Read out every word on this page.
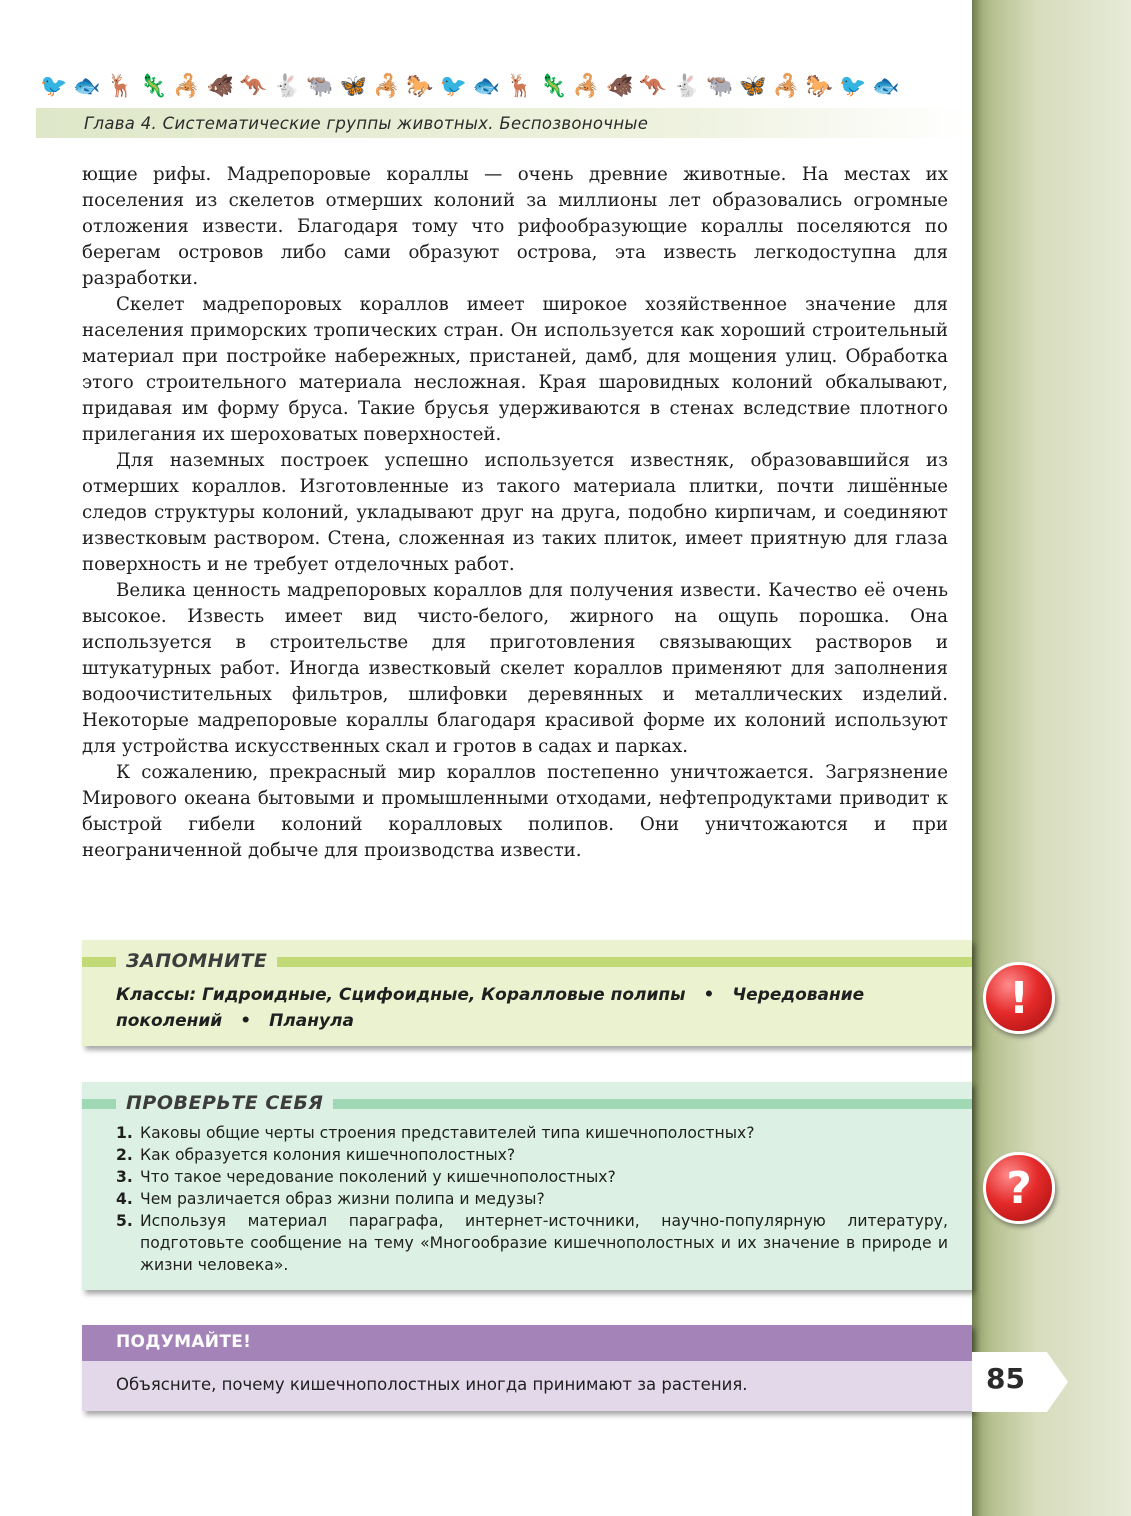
🐦 🐟 🦌 🦎 🦂 🐗 🦘 🐇 🐃 🦋 🦂 🐎 🐦 🐟 🦌 🦎 🦂 🐗 🦘 🐇 🐃 🦋 🦂 🐎 🐦 🐟
Глава 4. Систематические группы животных. Беспозвоночные

ющие рифы. Мадрепоровые кораллы — очень древние животные. На местах их поселения из скелетов отмерших колоний за миллионы лет образовались огромные отложения извести. Благодаря тому что рифообразующие кораллы поселяются по берегам островов либо сами образуют острова, эта известь легкодоступна для разработки.

Скелет мадрепоровых кораллов имеет широкое хозяйственное значение для населения приморских тропических стран. Он используется как хороший строительный материал при постройке набережных, пристаней, дамб, для мощения улиц. Обработка этого строительного материала несложная. Края шаровидных колоний обкалывают, придавая им форму бруса. Такие брусья удерживаются в стенах вследствие плотного прилегания их шероховатых поверхностей.

Для наземных построек успешно используется известняк, образовавшийся из отмерших кораллов. Изготовленные из такого материала плитки, почти лишённые следов структуры колоний, укладывают друг на друга, подобно кирпичам, и соединяют известковым раствором. Стена, сложенная из таких плиток, имеет приятную для глаза поверхность и не требует отделочных работ.

Велика ценность мадрепоровых кораллов для получения извести. Качество её очень высокое. Известь имеет вид чисто-белого, жирного на ощупь порошка. Она используется в строительстве для приготовления связывающих растворов и штукатурных работ. Иногда известковый скелет кораллов применяют для заполнения водоочистительных фильтров, шлифовки деревянных и металлических изделий. Некоторые мадрепоровые кораллы благодаря красивой форме их колоний используют для устройства искусственных скал и гротов в садах и парках.

К сожалению, прекрасный мир кораллов постепенно уничтожается. Загрязнение Мирового океана бытовыми и промышленными отходами, нефтепродуктами приводит к быстрой гибели колоний коралловых полипов. Они уничтожаются и при неограниченной добыче для производства извести.

ЗАПОМНИТЕ
Классы: Гидроидные, Сцифоидные, Коралловые полипы • Чередование поколений • Планула	!
ПРОВЕРЬТЕ СЕБЯ
1. Каковы общие черты строения представителей типа кишечнополостных?
2. Как образуется колония кишечнополостных?
3. Что такое чередование поколений у кишечнополостных?
4. Чем различается образ жизни полипа и медузы?
5. Используя материал параграфа, интернет-источники, научно-популярную литературу, подготовьте сообщение на тему «Многообразие кишечнополостных и их значение в природе и жизни человека».
?
ПОДУМАЙТЕ!
Объясните, почему кишечнополостных иногда принимают за растения.	85
